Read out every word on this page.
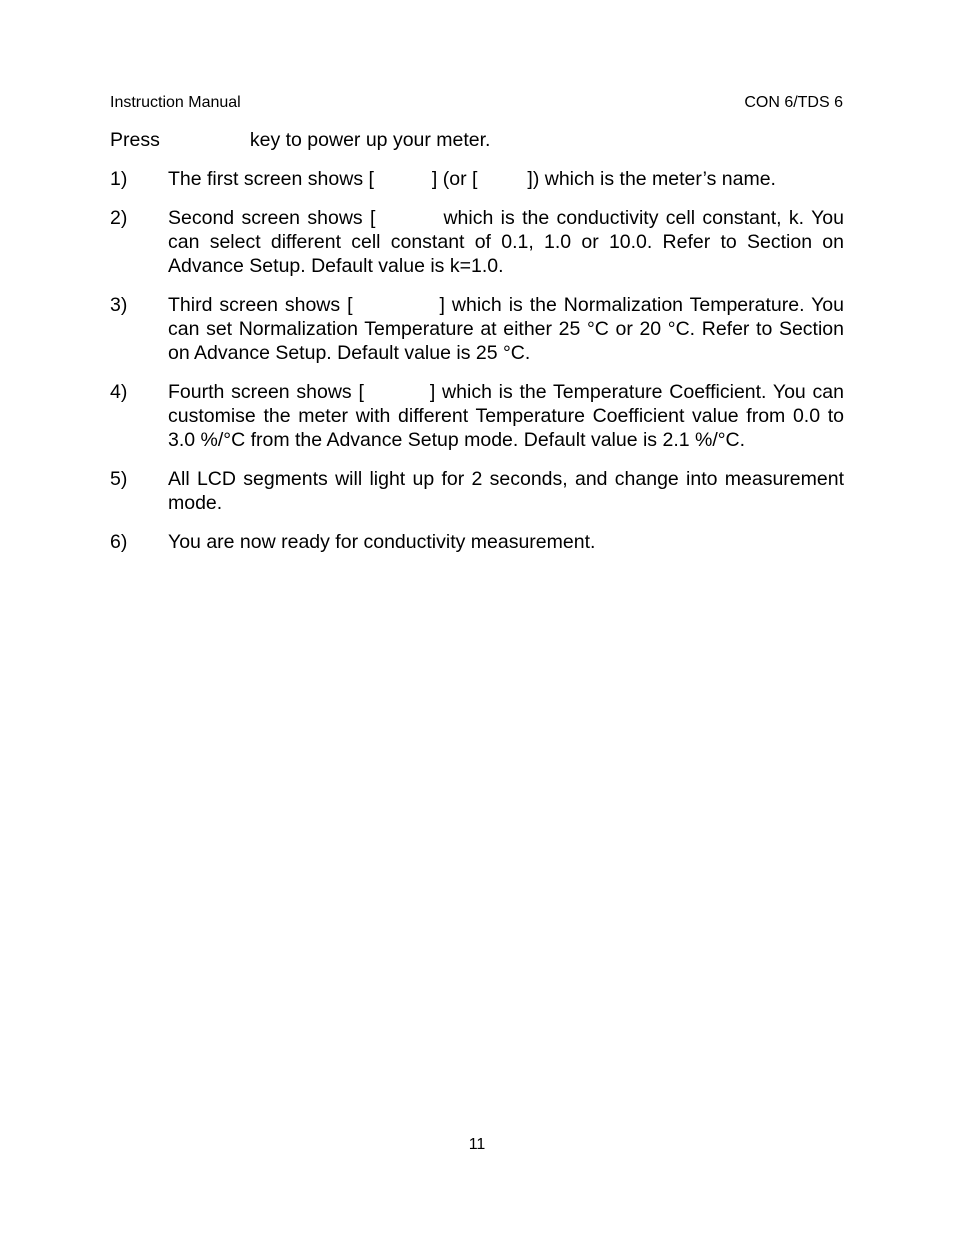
Instruction Manual	CON 6/TDS 6

Press	key to power up your meter.

1)	The first screen shows [	] (or [	]) which is the meter’s name.
2)	Second screen shows [	which is the conductivity cell constant, k. You can select different cell constant of 0.1, 1.0 or 10.0. Refer to Section on Advance Setup. Default value is k=1.0.
3)	Third screen shows [	] which is the Normalization Temperature. You can set Normalization Temperature at either 25 °C or 20 °C. Refer to Section on Advance Setup. Default value is 25 °C.
4)	Fourth screen shows [	] which is the Temperature Coefficient. You can customise the meter with different Temperature Coefficient value from 0.0 to 3.0 %/°C from the Advance Setup mode. Default value is 2.1 %/°C.
5)	All LCD segments will light up for 2 seconds, and change into measurement mode.
6)	You are now ready for conductivity measurement.
11
